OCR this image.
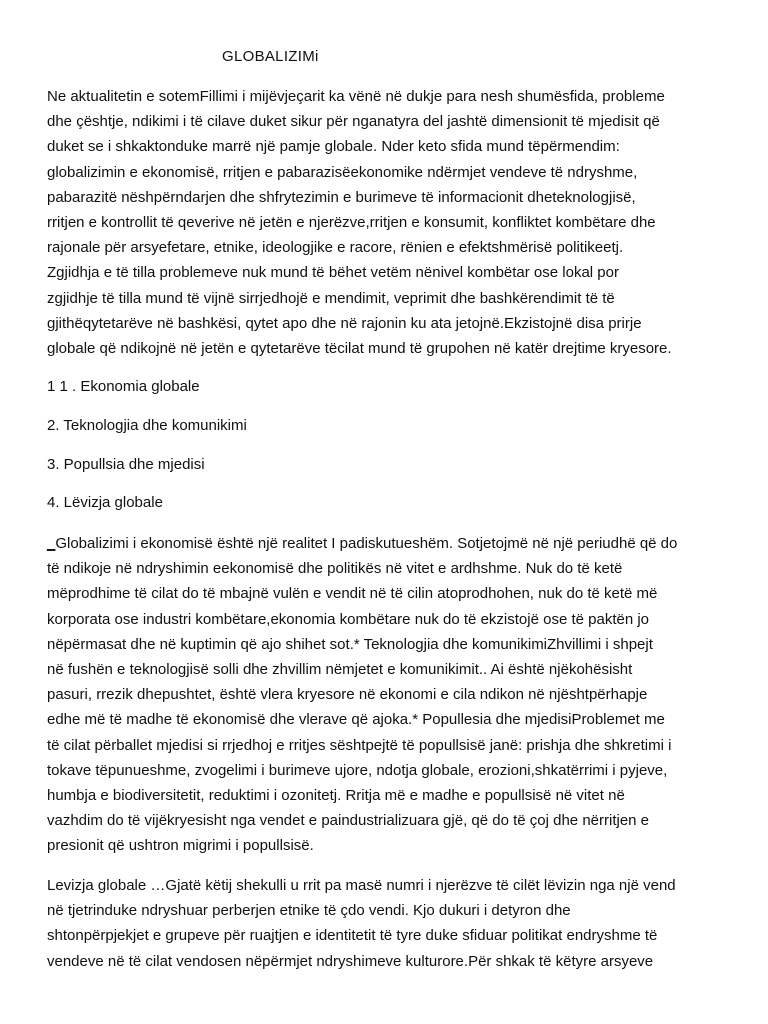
GLOBALIZIMi
Ne aktualitetin e sotemFillimi i mijëvjeçarit ka vënë në dukje para nesh shumësfida, probleme
dhe çështje, ndikimi i të cilave duket sikur për nganatyra del jashtë dimensionit të mjedisit që
duket se i shkaktonduke marrë një pamje globale. Nder keto sfida mund tëpërmendim:
globalizimin e ekonomisë, rritjen e pabarazisëekonomike ndërmjet vendeve të ndryshme,
pabarazitë nëshpërndarjen dhe shfrytezimin e burimeve të informacionit dheteknologjisë,
rritjen e kontrollit të qeverive në jetën e njerëzve,rritjen e konsumit, konfliktet kombëtare dhe
rajonale për arsyefetare, etnike, ideologjike e racore, rënien e efektshmërisë politikeetj.
Zgjidhja e të tilla problemeve nuk mund të bëhet vetëm nënivel kombëtar ose lokal por
zgjidhje të tilla mund të vijnë sirrjedhojë e mendimit, veprimit dhe bashkërendimit të të
gjithëqytetarëve në bashkësi, qytet apo dhe në rajonin ku ata jetojnë.Ekzistojnë disa prirje
globale që ndikojnë në jetën e qytetarëve tëcilat mund të grupohen në katër drejtime kryesore.
1 1 . Ekonomia globale
2. Teknologjia dhe komunikimi
3. Popullsia dhe mjedisi
4. Lëvizja globale
_Globalizimi i ekonomisë është një realitet I padiskutueshëm. Sotjetojmë në një periudhë që do
të ndikoje në ndryshimin eekonomisë dhe politikës në vitet e ardhshme. Nuk do të ketë
mëprodhime të cilat do të mbajnë vulën e vendit në të cilin atoprodhohen, nuk do të ketë më
korporata ose industri kombëtare,ekonomia kombëtare nuk do të ekzistojë ose të paktën jo
nëpërmasat dhe në kuptimin që ajo shihet sot.* Teknologjia dhe komunikimiZhvillimi i shpejt
në fushën e teknologjisë solli dhe zhvillim nëmjetet e komunikimit.. Ai është njëkohësisht
pasuri, rrezik dhepushtet, është vlera kryesore në ekonomi e cila ndikon në njështpërhapje
edhe më të madhe të ekonomisë dhe vlerave që ajoka.* Popullesia dhe mjedisiProblemet me
të cilat përballet mjedisi si rrjedhoj e rritjes sështpejtë të popullsisë janë: prishja dhe shkretimi i
tokave tëpunueshme, zvogelimi i burimeve ujore, ndotja globale, erozioni,shkatërrimi i pyjeve,
humbja e biodiversitetit, reduktimi i ozonitetj. Rritja më e madhe e popullsisë në vitet në
vazhdim do të vijëkryesisht nga vendet e paindustrializuara gjë, që do të çoj dhe nërritjen e
presionit që ushtron migrimi i popullsisë.
Levizja globale …Gjatë këtij shekulli u rrit pa masë numri i njerëzve të cilët lëvizin nga një vend
në tjetrinduke ndryshuar perberjen etnike të çdo vendi. Kjo dukuri i detyron dhe
shtonpërpjekjet e grupeve për ruajtjen e identitetit të tyre duke sfiduar politikat endryshme të
vendeve në të cilat vendosen nëpërmjet ndryshimeve kulturore.Për shkak të këtyre arsyeve
